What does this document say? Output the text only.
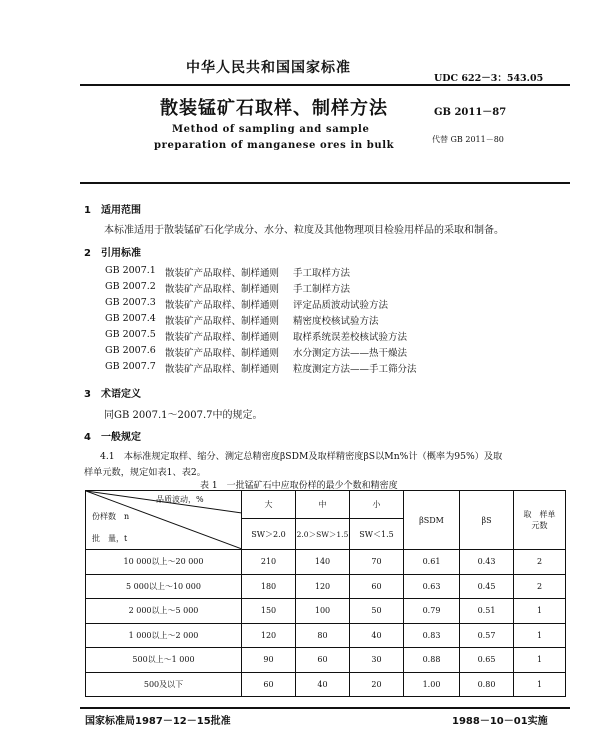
中华人民共和国国家标准
UDC 622－3：543.05
散装锰矿石取样、制样方法	GB 2011－87
Method of sampling and sample
preparation of manganese ores in bulk
代替 GB 2011－80
1　适用范围
本标准适用于散装锰矿石化学成分、水分、粒度及其他物理项目检验用样品的采取和制备。
2　引用标准
GB 2007.1 散装矿产品取样、制样通则	手工取样方法
GB 2007.2 散装矿产品取样、制样通则	手工制样方法
GB 2007.3 散装矿产品取样、制样通则	评定品质波动试验方法
GB 2007.4 散装矿产品取样、制样通则	精密度校核试验方法
GB 2007.5 散装矿产品取样、制样通则	取样系统误差校核试验方法
GB 2007.6 散装矿产品取样、制样通则	水分测定方法——热干燥法
GB 2007.7 散装矿产品取样、制样通则	粒度测定方法——手工筛分法
3　术语定义
同GB 2007.1～2007.7中的规定。
4　一般规定
4.1　本标准规定取样、缩分、测定总精密度βSDM及取样精密度βS以Mn%计（概率为95%）及取
样单元数，规定如表1、表2。
表 1　一批锰矿石中应取份样的最少个数和精密度
品质波动，%
份样数　n
批　量，t	大	中	小	βSDM	βS	取　样单元数
	SW＞2.0	2.0＞SW＞1.5	SW＜1.5			
10 000以上～20 000	210	140	70	0.61	0.43	2
5 000以上～10 000	180	120	60	0.63	0.45	2
2 000以上～5 000	150	100	50	0.79	0.51	1
1 000以上～2 000	120	80	40	0.83	0.57	1
500以上～1 000	90	60	30	0.88	0.65	1
500及以下	60	40	20	1.00	0.80	1
国家标准局1987－12－15批准	1988－10－01实施
